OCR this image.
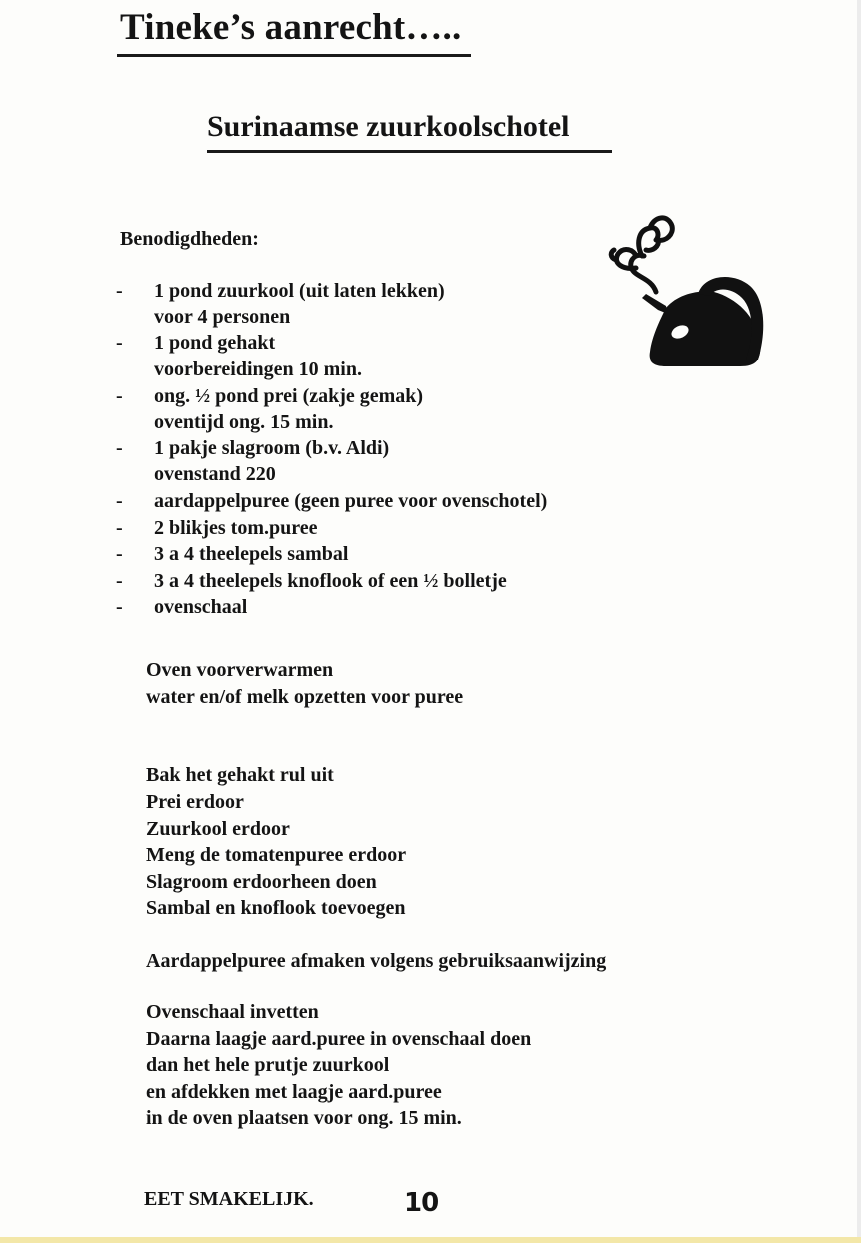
Tineke’s aanrecht…..
Surinaamse zuurkoolschotel
Benodigdheden:
- 1 pond zuurkool (uit laten lekken)
voor 4 personen
- 1 pond gehakt
voorbereidingen 10 min.
- ong. ½ pond prei (zakje gemak)
oventijd ong. 15 min.
- 1 pakje slagroom (b.v. Aldi)
ovenstand 220
- aardappelpuree (geen puree voor ovenschotel)
- 2 blikjes tom.puree
- 3 a 4 theelepels sambal
- 3 a 4 theelepels knoflook of een ½ bolletje
- ovenschaal
Oven voorverwarmen
water en/of melk opzetten voor puree
Bak het gehakt rul uit
Prei erdoor
Zuurkool erdoor
Meng de tomatenpuree erdoor
Slagroom erdoorheen doen
Sambal en knoflook toevoegen
Aardappelpuree afmaken volgens gebruiksaanwijzing
Ovenschaal invetten
Daarna laagje aard.puree in ovenschaal doen
dan het hele prutje zuurkool
en afdekken met laagje aard.puree
in de oven plaatsen voor ong. 15 min.
EET SMAKELIJK.	10
